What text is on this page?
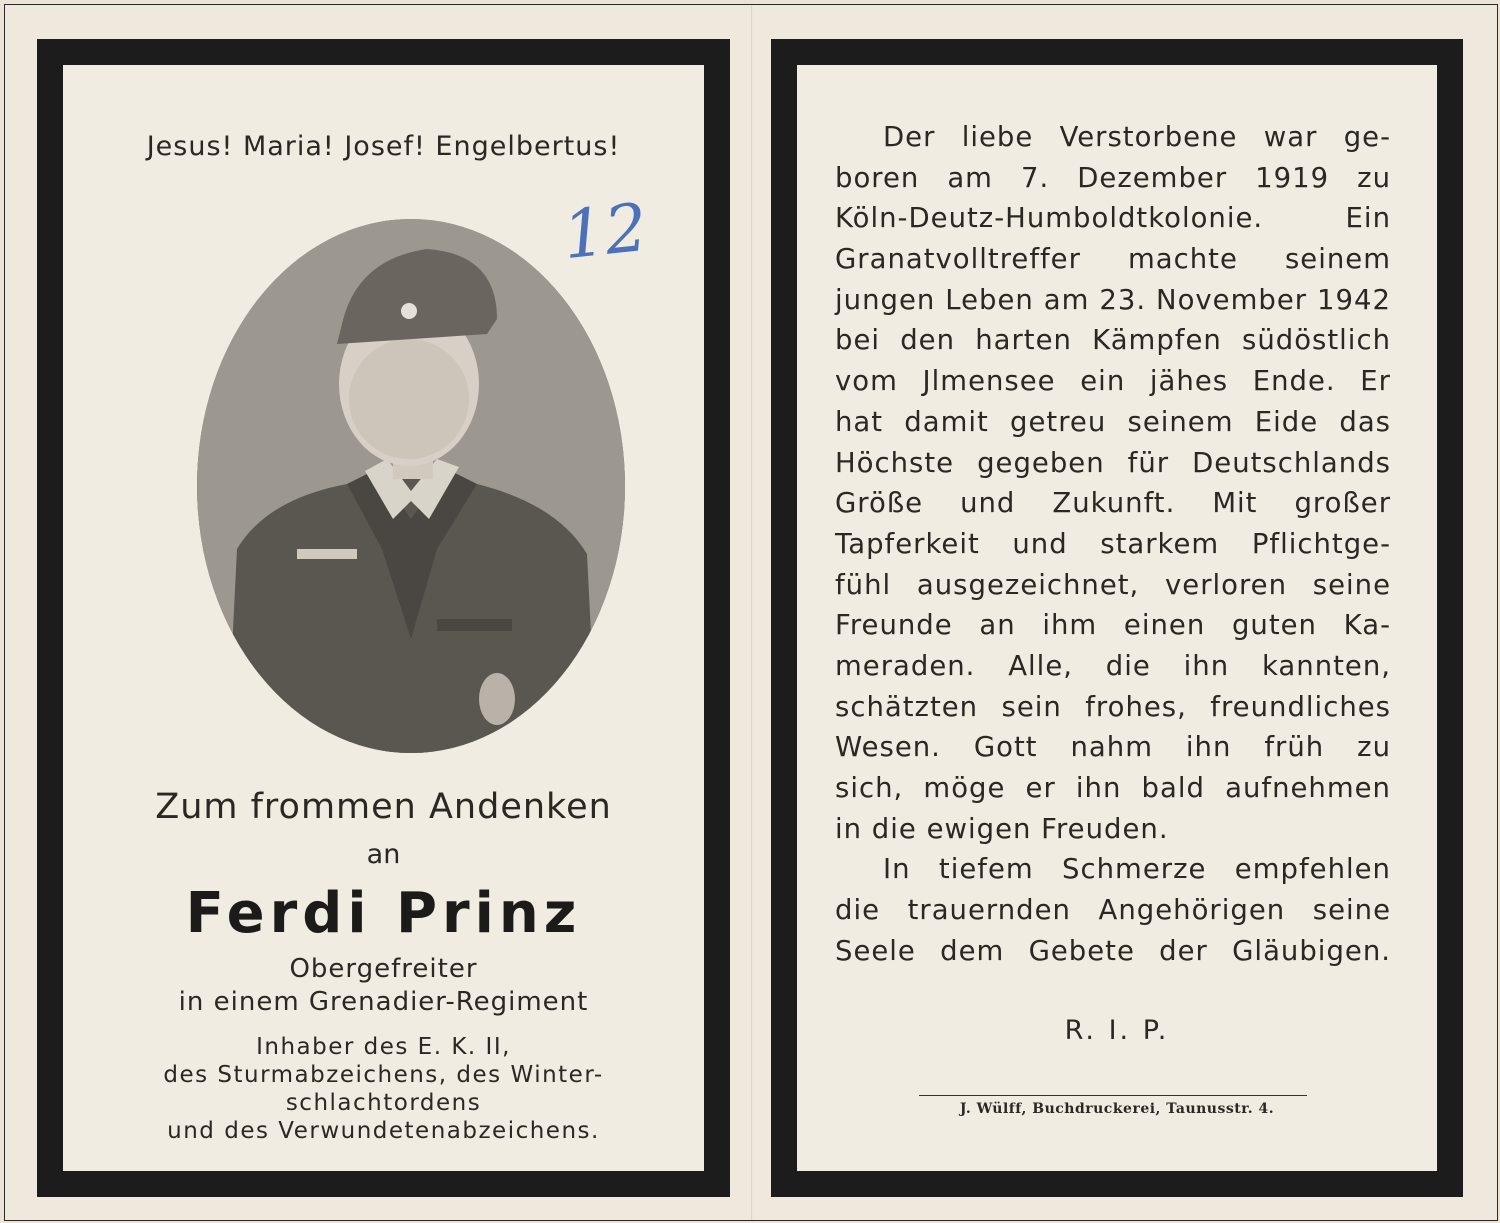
Jesus! Maria! Josef! Engelbertus!
12
Zum frommen Andenken
an
Ferdi Prinz
Obergefreiter
in einem Grenadier-Regiment
Inhaber des E. K. II,
des Sturmabzeichens, des Winter-
schlachtordens
und des Verwundetenabzeichens.
Der liebe Verstorbene war ge-
boren am 7. Dezember 1919 zu
Köln-Deutz-Humboldtkolonie. Ein
Granatvolltreffer machte seinem
jungen Leben am 23. November 1942
bei den harten Kämpfen südöstlich
vom Jlmensee ein jähes Ende. Er
hat damit getreu seinem Eide das
Höchste gegeben für Deutschlands
Größe und Zukunft. Mit großer
Tapferkeit und starkem Pflichtge-
fühl ausgezeichnet, verloren seine
Freunde an ihm einen guten Ka-
meraden. Alle, die ihn kannten,
schätzten sein frohes, freundliches
Wesen. Gott nahm ihn früh zu
sich, möge er ihn bald aufnehmen
in die ewigen Freuden.
In tiefem Schmerze empfehlen
die trauernden Angehörigen seine
Seele dem Gebete der Gläubigen.
R. I. P.
J. Wülff, Buchdruckerei, Taunusstr. 4.
